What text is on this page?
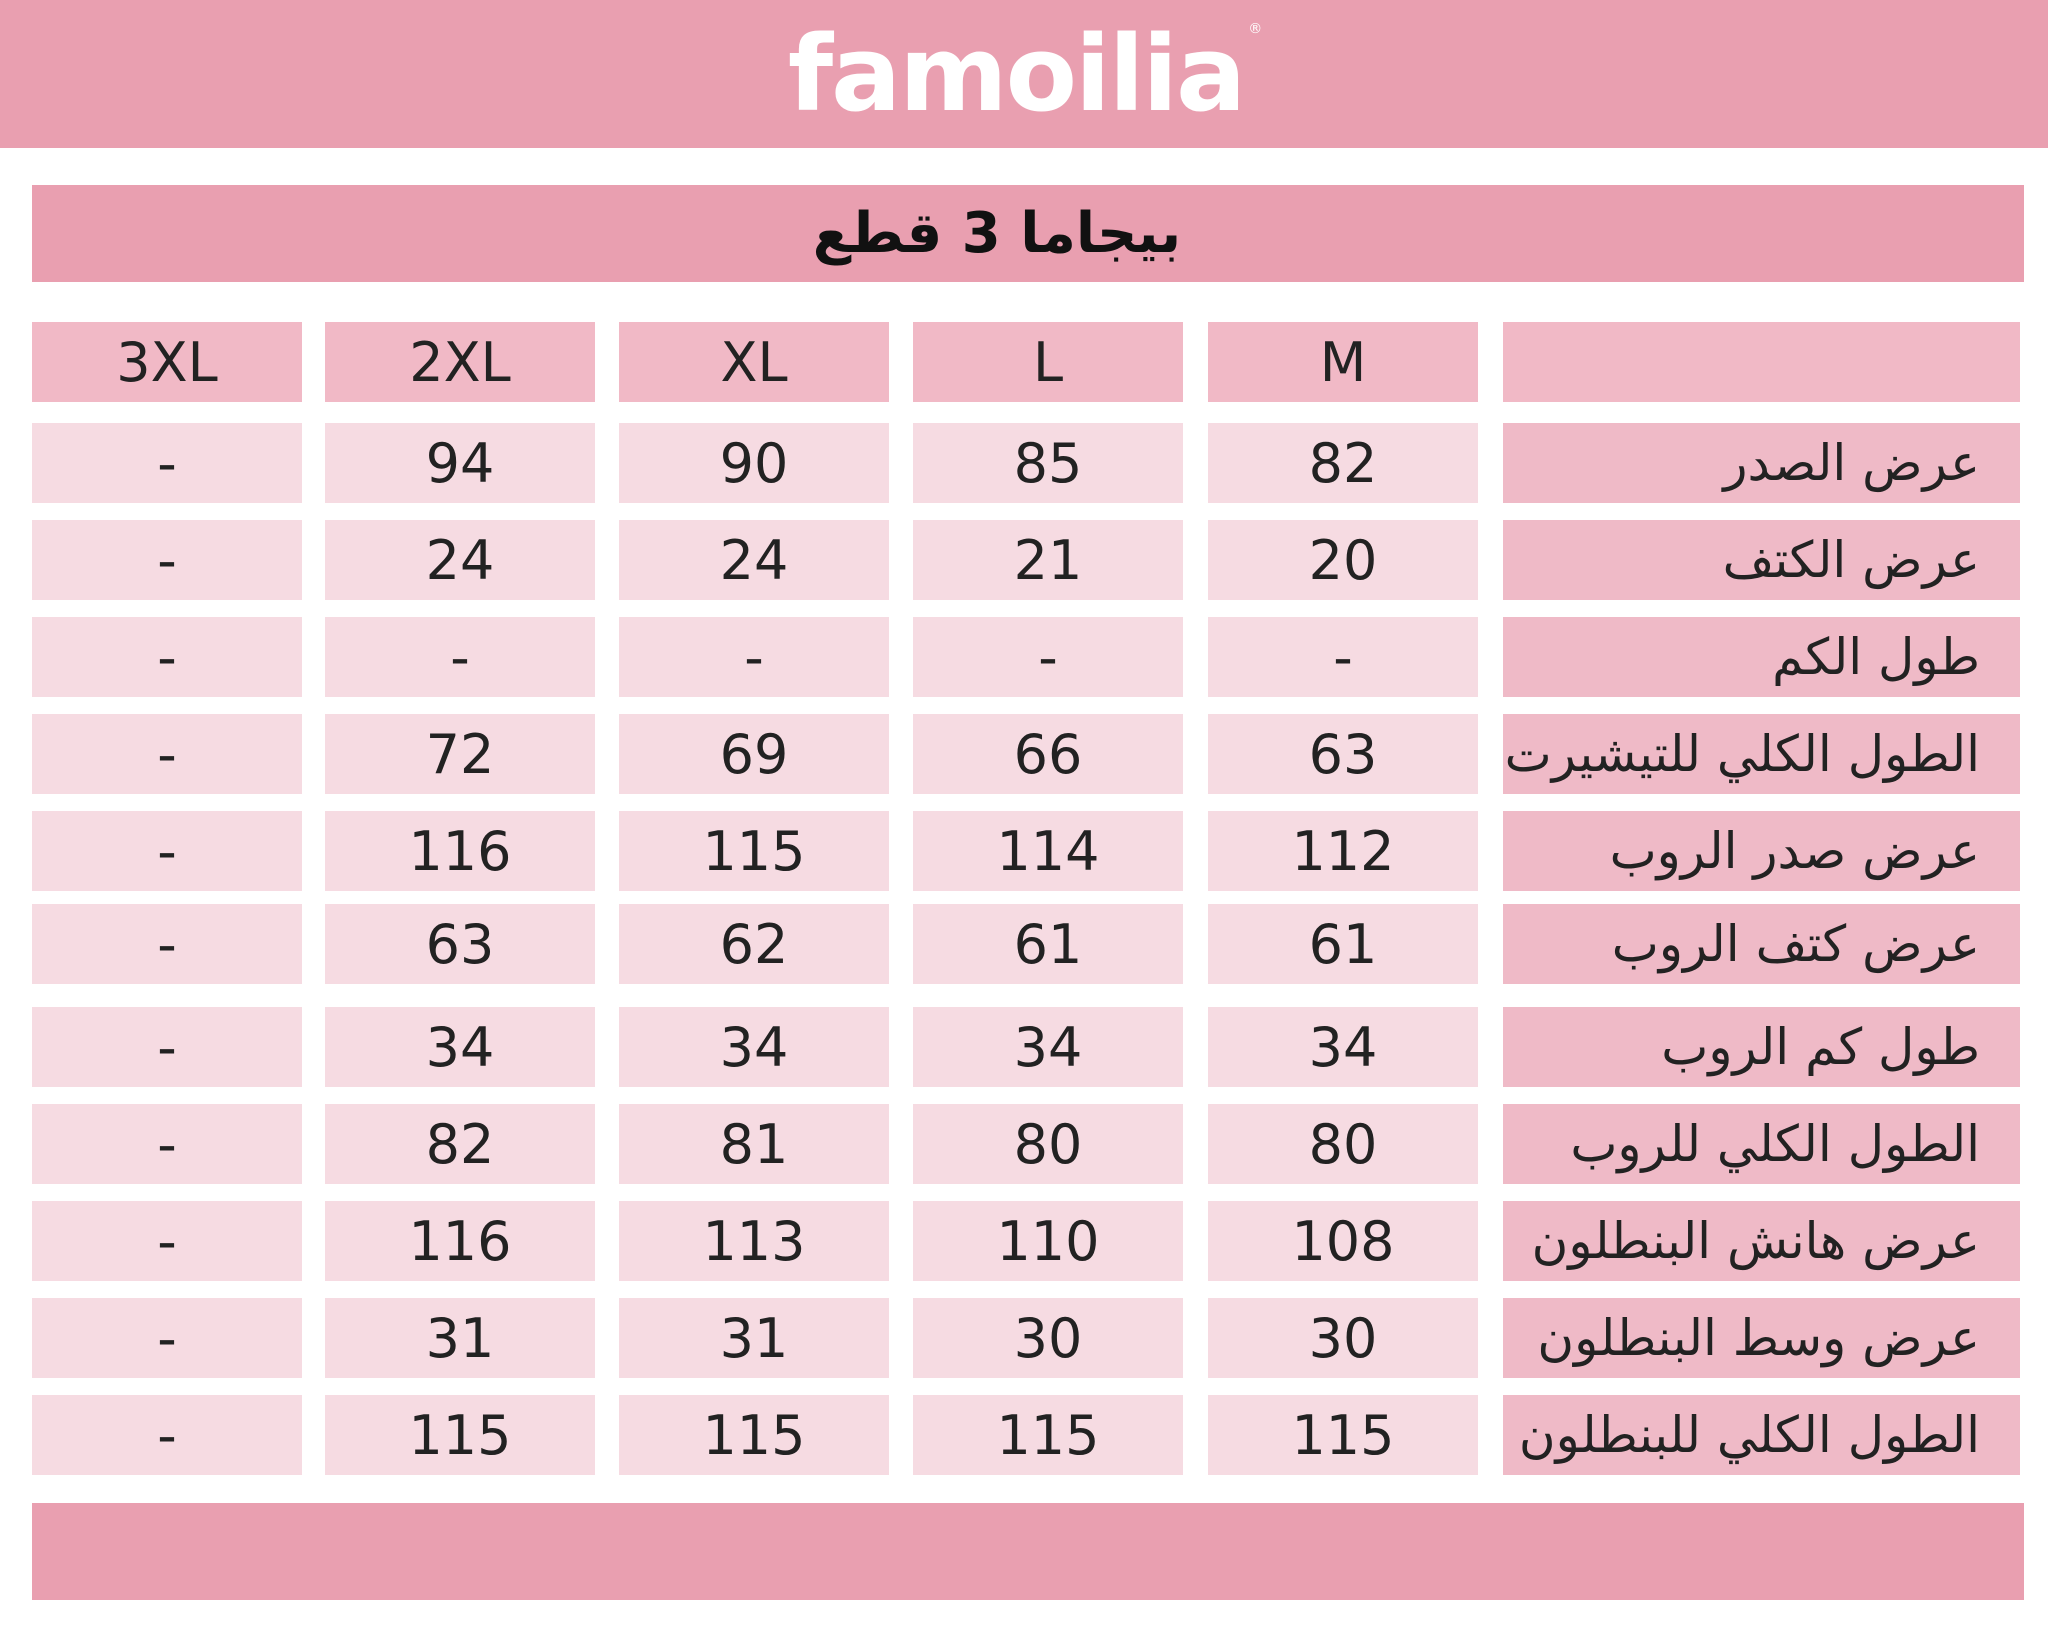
famoilia ®
بيجاما 3 قطع
M
L
XL
2XL
3XL
عرض الصدر
82
85
90
94
-
عرض الكتف
20
21
24
24
-
طول الكم
-
-
-
-
-
الطول الكلي للتيشيرت
63
66
69
72
-
عرض صدر الروب
112
114
115
116
-
عرض كتف الروب
61
61
62
63
-
طول كم الروب
34
34
34
34
-
الطول الكلي للروب
80
80
81
82
-
عرض هانش البنطلون
108
110
113
116
-
عرض وسط البنطلون
30
30
31
31
-
الطول الكلي للبنطلون
115
115
115
115
-
